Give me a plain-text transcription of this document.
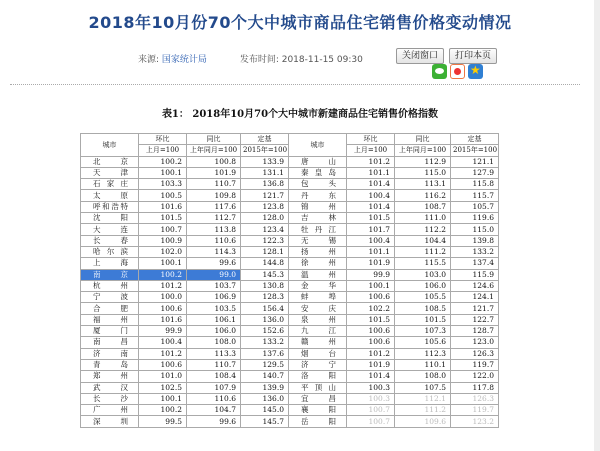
2018年10月份70个大中城市商品住宅销售价格变动情况
来源: 国家统计局	发布时间: 2018-11-15 09:30	关闭窗口	打印本页
★
表1： 2018年10月70个大中城市新建商品住宅销售价格指数
城市	环比	同比	定基	城市	环比	同比	定基
	上月=100	上年同月=100	2015年=100		上月=100	上年同月=100	2015年=100
北 京	100.2	100.8	133.9	唐 山	101.2	112.9	121.1
天 津	100.1	101.9	131.1	秦皇岛	101.1	115.0	127.9
石家庄	103.3	110.7	136.8	包 头	101.4	113.1	115.8
太 原	100.5	109.8	121.7	丹 东	100.4	116.2	115.7
呼和浩特	101.6	117.6	123.8	锦 州	101.4	108.7	105.7
沈 阳	101.5	112.7	128.0	吉 林	101.5	111.0	119.6
大 连	100.7	113.8	123.4	牡丹江	101.7	112.2	115.0
长 春	100.9	110.6	122.3	无 锡	100.4	104.4	139.8
哈尔滨	102.0	114.3	128.1	扬 州	101.1	111.2	133.2
上 海	100.1	99.6	144.8	徐 州	101.9	115.5	137.4
南 京	100.2	99.0	145.3	温 州	99.9	103.0	115.9
杭 州	101.2	103.7	130.8	金 华	100.1	106.0	124.6
宁 波	100.0	106.9	128.3	蚌 埠	100.6	105.5	124.1
合 肥	100.6	103.5	156.4	安 庆	102.2	108.5	121.7
福 州	101.6	106.1	136.0	泉 州	101.5	101.5	122.7
厦 门	99.9	106.0	152.6	九 江	100.6	107.3	128.7
南 昌	100.4	108.0	133.2	赣 州	100.6	105.6	123.0
济 南	101.2	113.3	137.6	烟 台	101.2	112.3	126.3
青 岛	100.6	110.7	129.5	济 宁	101.9	110.1	119.7
郑 州	101.0	108.4	140.7	洛 阳	101.4	108.0	122.0
武 汉	102.5	107.9	139.9	平顶山	100.3	107.5	117.8
长 沙	100.1	110.6	136.0	宜 昌	100.3	112.1	126.3
广 州	100.2	104.7	145.0	襄 阳	100.7	111.2	119.7
深 圳	99.5	99.6	145.7	岳 阳	100.7	109.6	123.2
